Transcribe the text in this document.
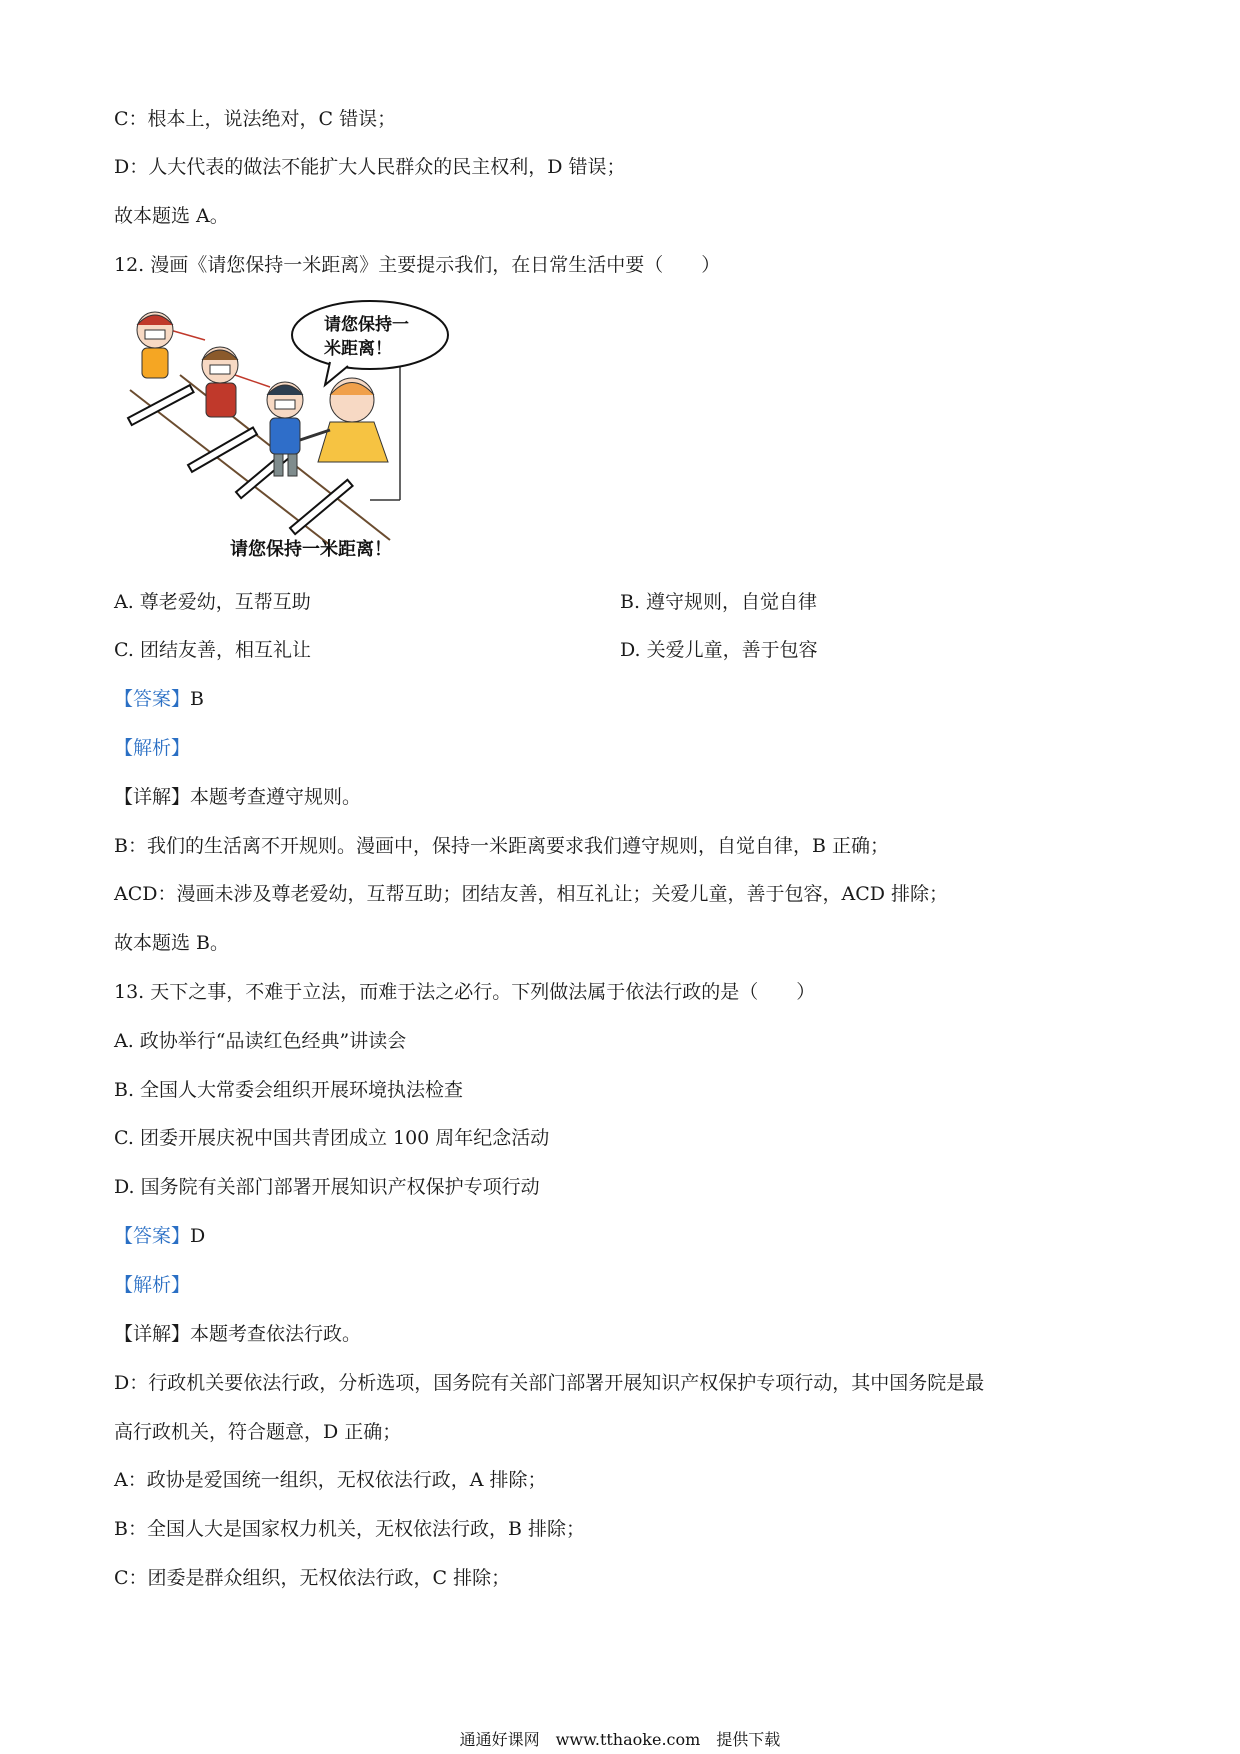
C：根本上，说法绝对，C 错误；
D：人大代表的做法不能扩大人民群众的民主权利，D 错误；
故本题选 A。
12. 漫画《请您保持一米距离》主要提示我们，在日常生活中要（　　）
请您保持一
米距离！
请您保持一米距离！
A. 尊老爱幼，互帮互助	B. 遵守规则，自觉自律
C. 团结友善，相互礼让	D. 关爱儿童，善于包容
【答案】B
【解析】
【详解】本题考查遵守规则。
B：我们的生活离不开规则。漫画中，保持一米距离要求我们遵守规则，自觉自律，B 正确；
ACD：漫画未涉及尊老爱幼，互帮互助；团结友善，相互礼让；关爱儿童，善于包容，ACD 排除；
故本题选 B。
13. 天下之事，不难于立法，而难于法之必行。下列做法属于依法行政的是（　　）
A. 政协举行“品读红色经典”讲读会
B. 全国人大常委会组织开展环境执法检查
C. 团委开展庆祝中国共青团成立 100 周年纪念活动
D. 国务院有关部门部署开展知识产权保护专项行动
【答案】D
【解析】
【详解】本题考查依法行政。
D：行政机关要依法行政，分析选项，国务院有关部门部署开展知识产权保护专项行动，其中国务院是最
高行政机关，符合题意，D 正确；
A：政协是爱国统一组织，无权依法行政，A 排除；
B：全国人大是国家权力机关，无权依法行政，B 排除；
C：团委是群众组织，无权依法行政，C 排除；
通通好课网　www.tthaoke.com　提供下载
